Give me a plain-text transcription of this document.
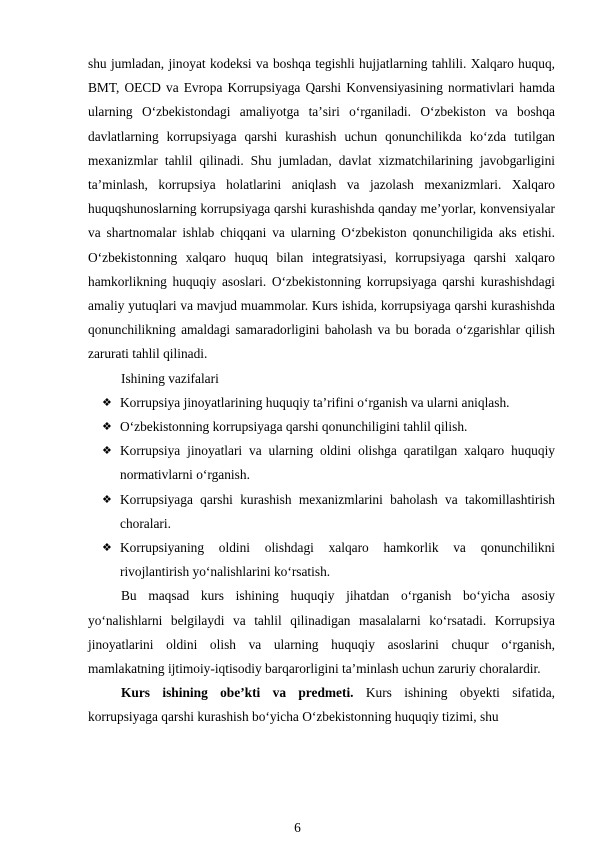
shu jumladan, jinoyat kodeksi va boshqa tegishli hujjatlarning tahlili. Xalqaro huquq, BMT, OECD va Evropa Korrupsiyaga Qarshi Konvensiyasining normativlari hamda ularning Oʻzbekistondagi amaliyotga taʼsiri oʻrganiladi. Oʻzbekiston va boshqa davlatlarning korrupsiyaga qarshi kurashish uchun qonunchilikda koʻzda tutilgan mexanizmlar tahlil qilinadi. Shu jumladan, davlat xizmatchilarining javobgarligini taʼminlash, korrupsiya holatlarini aniqlash va jazolash mexanizmlari. Xalqaro huquqshunoslarning korrupsiyaga qarshi kurashishda qanday meʼyorlar, konvensiyalar va shartnomalar ishlab chiqqani va ularning Oʻzbekiston qonunchiligida aks etishi. Oʻzbekistonning xalqaro huquq bilan integratsiyasi, korrupsiyaga qarshi xalqaro hamkorlikning huquqiy asoslari. Oʻzbekistonning korrupsiyaga qarshi kurashishdagi amaliy yutuqlari va mavjud muammolar. Kurs ishida, korrupsiyaga qarshi kurashishda qonunchilikning amaldagi samaradorligini baholash va bu borada oʻzgarishlar qilish zarurati tahlil qilinadi.

Ishining vazifalari

❖ Korrupsiya jinoyatlarining huquqiy taʼrifini oʻrganish va ularni aniqlash.
❖ Oʻzbekistonning korrupsiyaga qarshi qonunchiligini tahlil qilish.
❖ Korrupsiya jinoyatlari va ularning oldini olishga qaratilgan xalqaro huquqiy normativlarni oʻrganish.
❖ Korrupsiyaga qarshi kurashish mexanizmlarini baholash va takomillashtirish choralari.
❖ Korrupsiyaning oldini olishdagi xalqaro hamkorlik va qonunchilikni rivojlantirish yoʻnalishlarini koʻrsatish.

Bu maqsad kurs ishining huquqiy jihatdan oʻrganish boʻyicha asosiy yoʻnalishlarni belgilaydi va tahlil qilinadigan masalalarni koʻrsatadi. Korrupsiya jinoyatlarini oldini olish va ularning huquqiy asoslarini chuqur oʻrganish, mamlakatning ijtimoiy-iqtisodiy barqarorligini taʼminlash uchun zaruriy choralardir.

Kurs ishining obeʼkti va predmeti. Kurs ishining obyekti sifatida, korrupsiyaga qarshi kurashish boʻyicha Oʻzbekistonning huquqiy tizimi, shu

6
